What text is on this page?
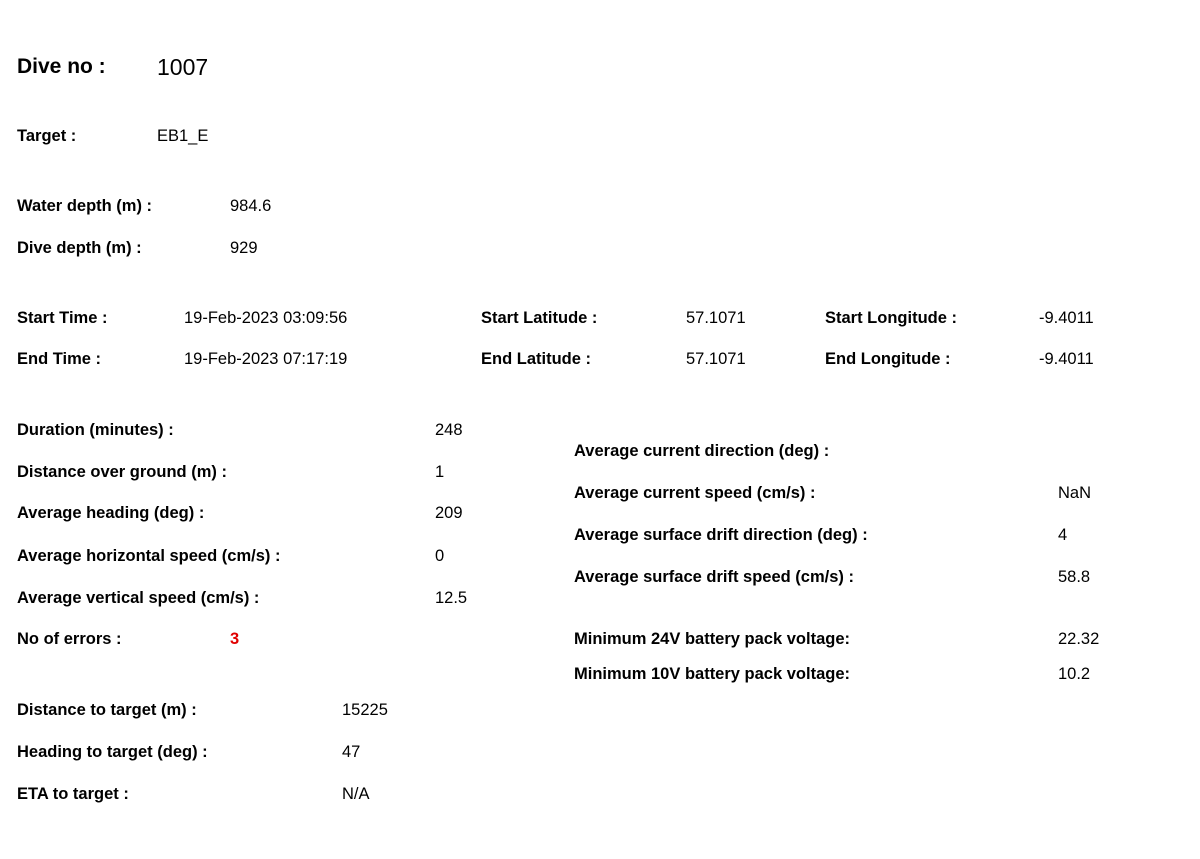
Dive no : 1007
Target :	EB1_E
Water depth (m) :	984.6
Dive depth (m) :	929
Start Time :	19-Feb-2023 03:09:56
End Time :	19-Feb-2023 07:17:19
Start Latitude :	57.1071
End Latitude :	57.1071
Start Longitude :	-9.4011
End Longitude :	-9.4011
Duration (minutes) :	248
Distance over ground (m) :	1
Average heading (deg) :	209
Average horizontal speed (cm/s) :	0
Average vertical speed (cm/s) :	12.5
No of errors :	3
Average current direction (deg) :
Average current speed (cm/s) :	NaN
Average surface drift direction (deg) :	4
Average surface drift speed (cm/s) :	58.8
Minimum 24V battery pack voltage:	22.32
Minimum 10V battery pack voltage:	10.2
Distance to target (m) :	15225
Heading to target (deg) :	47
ETA to target :	N/A
